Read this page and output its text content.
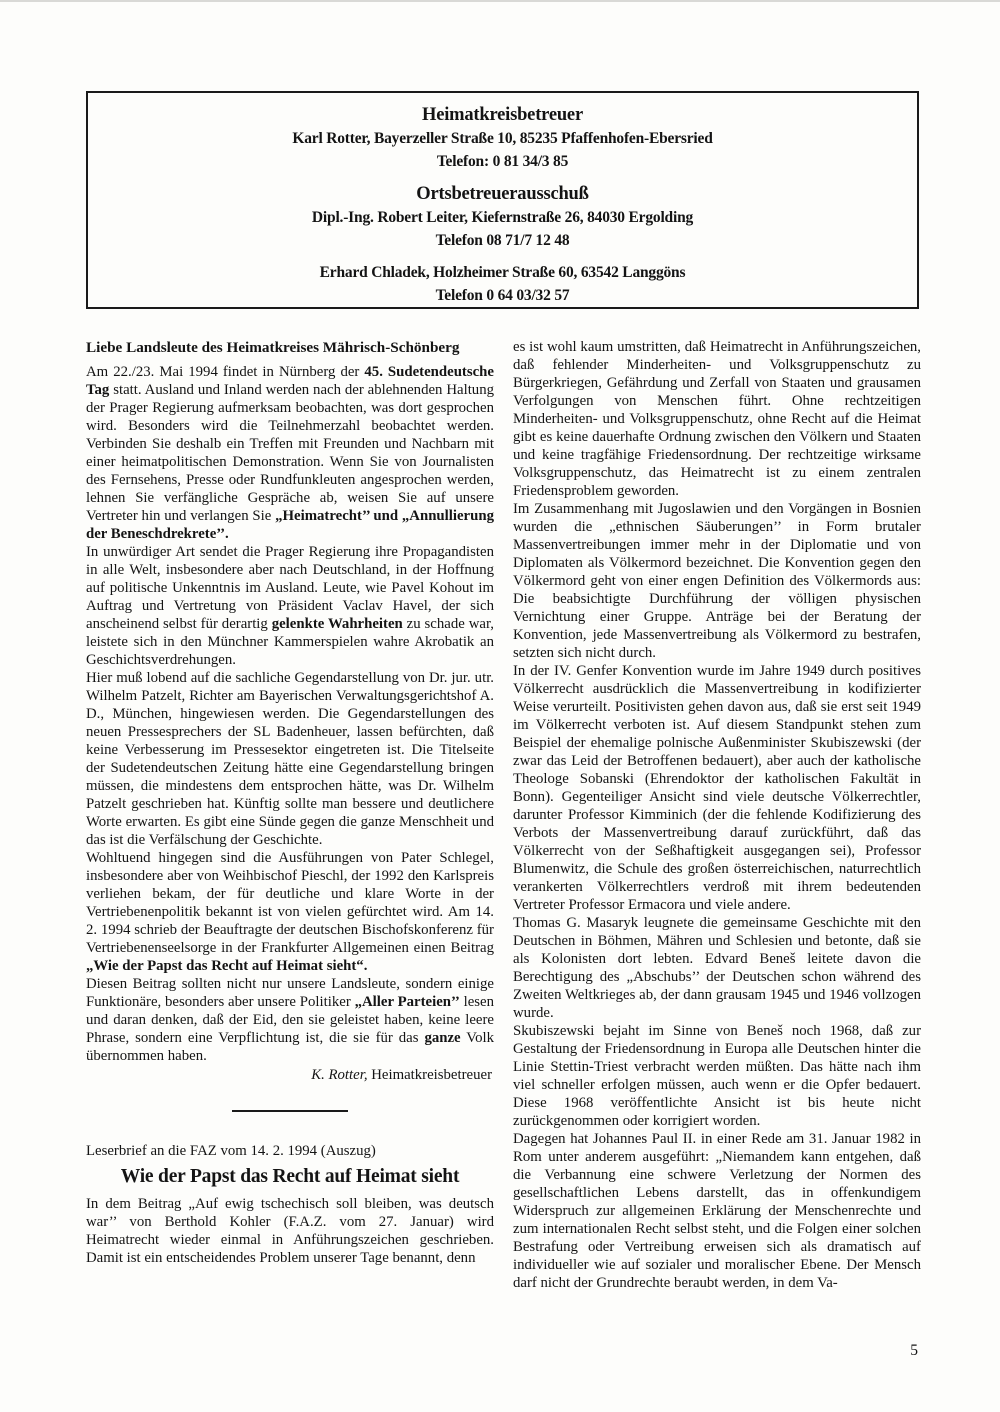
Heimatkreisbetreuer
Karl Rotter, Bayerzeller Straße 10, 85235 Pfaffenhofen-Ebersried
Telefon: 0 81 34/3 85
Ortsbetreuerausschuß
Dipl.-Ing. Robert Leiter, Kiefernstraße 26, 84030 Ergolding
Telefon 08 71/7 12 48
Erhard Chladek, Holzheimer Straße 60, 63542 Langgöns
Telefon 0 64 03/32 57
Liebe Landsleute des Heimatkreises Mährisch-Schönberg

Am 22./23. Mai 1994 findet in Nürnberg der 45. Sudetendeutsche Tag statt. Ausland und Inland werden nach der ablehnenden Haltung der Prager Regierung aufmerksam beobachten, was dort gesprochen wird. Besonders wird die Teilnehmerzahl beobachtet werden. Verbinden Sie deshalb ein Treffen mit Freunden und Nachbarn mit einer heimatpolitischen Demonstration. Wenn Sie von Journalisten des Fernsehens, Presse oder Rundfunkleuten angesprochen werden, lehnen Sie verfängliche Gespräche ab, weisen Sie auf unsere Vertreter hin und verlangen Sie „Heimatrecht’’ und „Annullierung der Beneschdrekrete’’.

In unwürdiger Art sendet die Prager Regierung ihre Propagandisten in alle Welt, insbesondere aber nach Deutschland, in der Hoffnung auf politische Unkenntnis im Ausland. Leute, wie Pavel Kohout im Auftrag und Vertretung von Präsident Vaclav Havel, der sich anscheinend selbst für derartig gelenkte Wahrheiten zu schade war, leistete sich in den Münchner Kammerspielen wahre Akrobatik an Geschichtsverdrehungen.

Hier muß lobend auf die sachliche Gegendarstellung von Dr. jur. utr. Wilhelm Patzelt, Richter am Bayerischen Verwaltungsgerichtshof A. D., München, hingewiesen werden. Die Gegendarstellungen des neuen Pressesprechers der SL Badenheuer, lassen befürchten, daß keine Verbesserung im Pressesektor eingetreten ist. Die Titelseite der Sudetendeutschen Zeitung hätte eine Gegendarstellung bringen müssen, die mindestens dem entsprochen hätte, was Dr. Wilhelm Patzelt geschrieben hat. Künftig sollte man bessere und deutlichere Worte erwarten. Es gibt eine Sünde gegen die ganze Menschheit und das ist die Verfälschung der Geschichte.

Wohltuend hingegen sind die Ausführungen von Pater Schlegel, insbesondere aber von Weihbischof Pieschl, der 1992 den Karlspreis verliehen bekam, der für deutliche und klare Worte in der Vertriebenenpolitik bekannt ist von vielen gefürchtet wird. Am 14. 2. 1994 schrieb der Beauftragte der deutschen Bischofskonferenz für Vertriebenenseelsorge in der Frankfurter Allgemeinen einen Beitrag „Wie der Papst das Recht auf Heimat sieht“.

Diesen Beitrag sollten nicht nur unsere Landsleute, sondern einige Funktionäre, besonders aber unsere Politiker „Aller Parteien’’ lesen und daran denken, daß der Eid, den sie geleistet haben, keine leere Phrase, sondern eine Verpflichtung ist, die sie für das ganze Volk übernommen haben.

K. Rotter, Heimatkreisbetreuer
Leserbrief an die FAZ vom 14. 2. 1994 (Auszug)
Wie der Papst das Recht auf Heimat sieht

In dem Beitrag „Auf ewig tschechisch soll bleiben, was deutsch war’’ von Berthold Kohler (F.A.Z. vom 27. Januar) wird Heimatrecht wieder einmal in Anführungszeichen geschrieben. Damit ist ein entscheidendes Problem unserer Tage benannt, denn

es ist wohl kaum umstritten, daß Heimatrecht in Anführungszeichen, daß fehlender Minderheiten- und Volksgruppenschutz zu Bürgerkriegen, Gefährdung und Zerfall von Staaten und grausamen Verfolgungen von Menschen führt. Ohne rechtzeitigen Minderheiten- und Volksgruppenschutz, ohne Recht auf die Heimat gibt es keine dauerhafte Ordnung zwischen den Völkern und Staaten und keine tragfähige Friedensordnung. Der rechtzeitige wirksame Volksgruppenschutz, das Heimatrecht ist zu einem zentralen Friedensproblem geworden.

Im Zusammenhang mit Jugoslawien und den Vorgängen in Bosnien wurden die „ethnischen Säuberungen’’ in Form brutaler Massenvertreibungen immer mehr in der Diplomatie und von Diplomaten als Völkermord bezeichnet. Die Konvention gegen den Völkermord geht von einer engen Definition des Völkermords aus: Die beabsichtigte Durchführung der völligen physischen Vernichtung einer Gruppe. Anträge bei der Beratung der Konvention, jede Massenvertreibung als Völkermord zu bestrafen, setzten sich nicht durch.

In der IV. Genfer Konvention wurde im Jahre 1949 durch positives Völkerrecht ausdrücklich die Massenvertreibung in kodifizierter Weise verurteilt. Positivisten gehen davon aus, daß sie erst seit 1949 im Völkerrecht verboten ist. Auf diesem Standpunkt stehen zum Beispiel der ehemalige polnische Außenminister Skubiszewski (der zwar das Leid der Betroffenen bedauert), aber auch der katholische Theologe Sobanski (Ehrendoktor der katholischen Fakultät in Bonn). Gegenteiliger Ansicht sind viele deutsche Völkerrechtler, darunter Professor Kimminich (der die fehlende Kodifizierung des Verbots der Massenvertreibung darauf zurückführt, daß das Völkerrecht von der Seßhaftigkeit ausgegangen sei), Professor Blumenwitz, die Schule des großen österreichischen, naturrechtlich verankerten Völkerrechtlers verdroß mit ihrem bedeutenden Vertreter Professor Ermacora und viele andere.

Thomas G. Masaryk leugnete die gemeinsame Geschichte mit den Deutschen in Böhmen, Mähren und Schlesien und betonte, daß sie als Kolonisten dort lebten. Edvard Beneš leitete davon die Berechtigung des „Abschubs’’ der Deutschen schon während des Zweiten Weltkrieges ab, der dann grausam 1945 und 1946 vollzogen wurde.

Skubiszewski bejaht im Sinne von Beneš noch 1968, daß zur Gestaltung der Friedensordnung in Europa alle Deutschen hinter die Linie Stettin-Triest verbracht werden müßten. Das hätte nach ihm viel schneller erfolgen müssen, auch wenn er die Opfer bedauert. Diese 1968 veröffentlichte Ansicht ist bis heute nicht zurückgenommen oder korrigiert worden.

Dagegen hat Johannes Paul II. in einer Rede am 31. Januar 1982 in Rom unter anderem ausgeführt: „Niemandem kann entgehen, daß die Verbannung eine schwere Verletzung der Normen des gesellschaftlichen Lebens darstellt, das in offenkundigem Widerspruch zur allgemeinen Erklärung der Menschenrechte und zum internationalen Recht selbst steht, und die Folgen einer solchen Bestrafung oder Vertreibung erweisen sich als dramatisch auf individueller wie auf sozialer und moralischer Ebene. Der Mensch darf nicht der Grundrechte beraubt werden, in dem Va-

5
